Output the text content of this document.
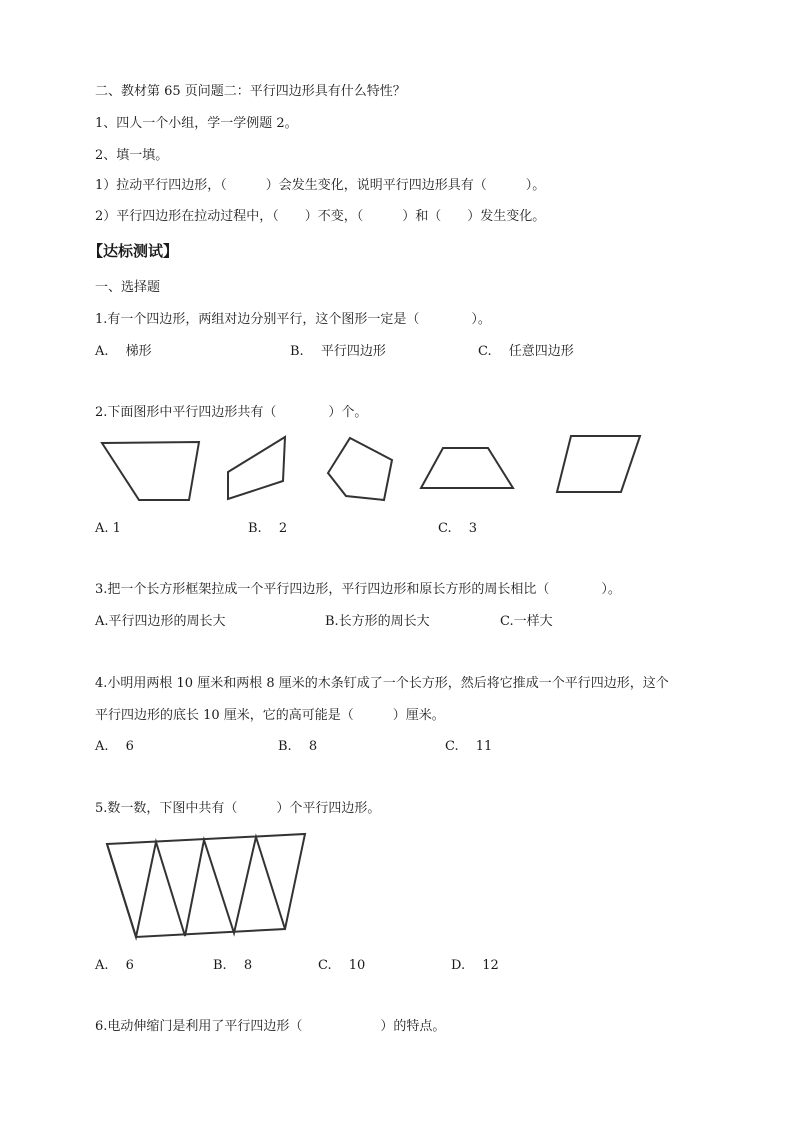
二、教材第 65 页问题二：平行四边形具有什么特性？
1、四人一个小组，学一学例题 2。
2、填一填。
1）拉动平行四边形，（　　　）会发生变化，说明平行四边形具有（　　　）。
2）平行四边形在拉动过程中，（　　）不变，（　　　）和（　　）发生变化。
【达标测试】
一、选择题
1.有一个四边形，两组对边分别平行，这个图形一定是（　　　　）。
A.　 梯形	B.　 平行四边形	C.　 任意四边形
2.下面图形中平行四边形共有（　　　　）个。
A. 1	B.　 2	C.　 3
3.把一个长方形框架拉成一个平行四边形，平行四边形和原长方形的周长相比（　　　　）。
A.平行四边形的周长大	B.长方形的周长大	C.一样大
4.小明用两根 10 厘米和两根 8 厘米的木条钉成了一个长方形，然后将它推成一个平行四边形，这个
平行四边形的底长 10 厘米，它的高可能是（　　　）厘米。
A.　 6	B.　 8	C.　 11
5.数一数，下图中共有（　　　）个平行四边形。
A.　 6	B.　 8	C.　 10	D.　 12
6.电动伸缩门是利用了平行四边形（　　　　　　）的特点。
